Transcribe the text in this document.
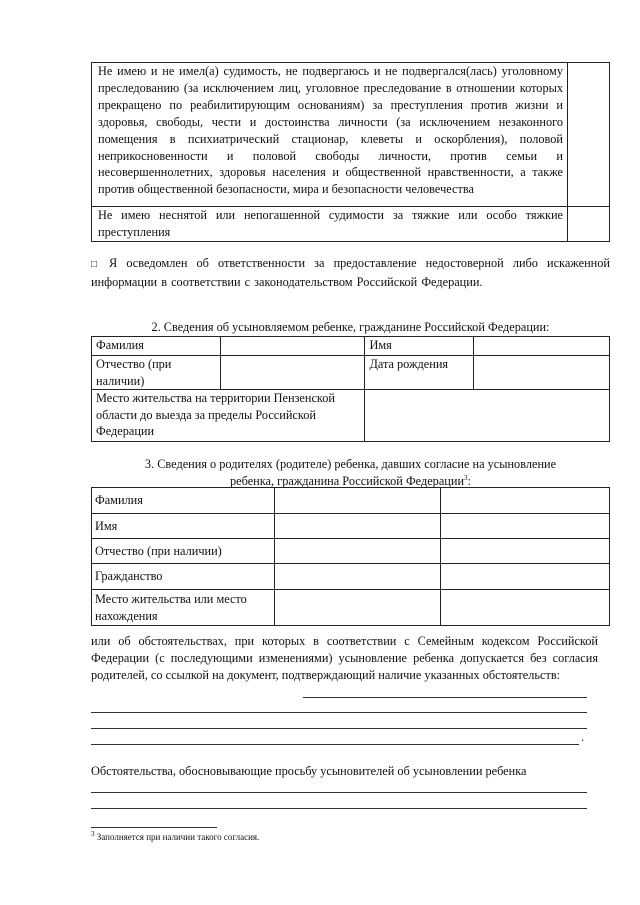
Не имею и не имел(а) судимость, не подвергаюсь и не подвергался(лась) уголовному преследованию (за исключением лиц, уголовное преследование в отношении которых прекращено по реабилитирующим основаниям) за преступления против жизни и здоровья, свободы, чести и достоинства личности (за исключением незаконного помещения в психиатрический стационар, клеветы и оскорбления), половой неприкосновенности и половой свободы личности, против семьи и несовершеннолетних, здоровья населения и общественной нравственности, а также против общественной безопасности, мира и безопасности человечества	
Не имею неснятой или непогашенной судимости за тяжкие или особо тяжкие преступления	
□ Я осведомлен об ответственности за предоставление недостоверной либо искаженной информации в соответствии с законодательством Российской Федерации.
2. Сведения об усыновляемом ребенке, гражданине Российской Федерации:
Фамилия		Имя	
Отчество (при наличии)		Дата рождения	
Место жительства на территории Пензенской области до выезда за пределы Российской Федерации			
3. Сведения о родителях (родителе) ребенка, давших согласие на усыновление
ребенка, гражданина Российской Федерации$^3$:
Фамилия		
Имя		
Отчество (при наличии)		
Гражданство		
Место жительства или место нахождения		
или об обстоятельствах, при которых в соответствии с Семейным кодексом Российской Федерации (с последующими изменениями) усыновление ребенка допускается без согласия родителей, со ссылкой на документ, подтверждающий наличие указанных обстоятельств:
.
Обстоятельства, обосновывающие просьбу усыновителей об усыновлении ребенка
$^3$ Заполняется при наличии такого согласия.
